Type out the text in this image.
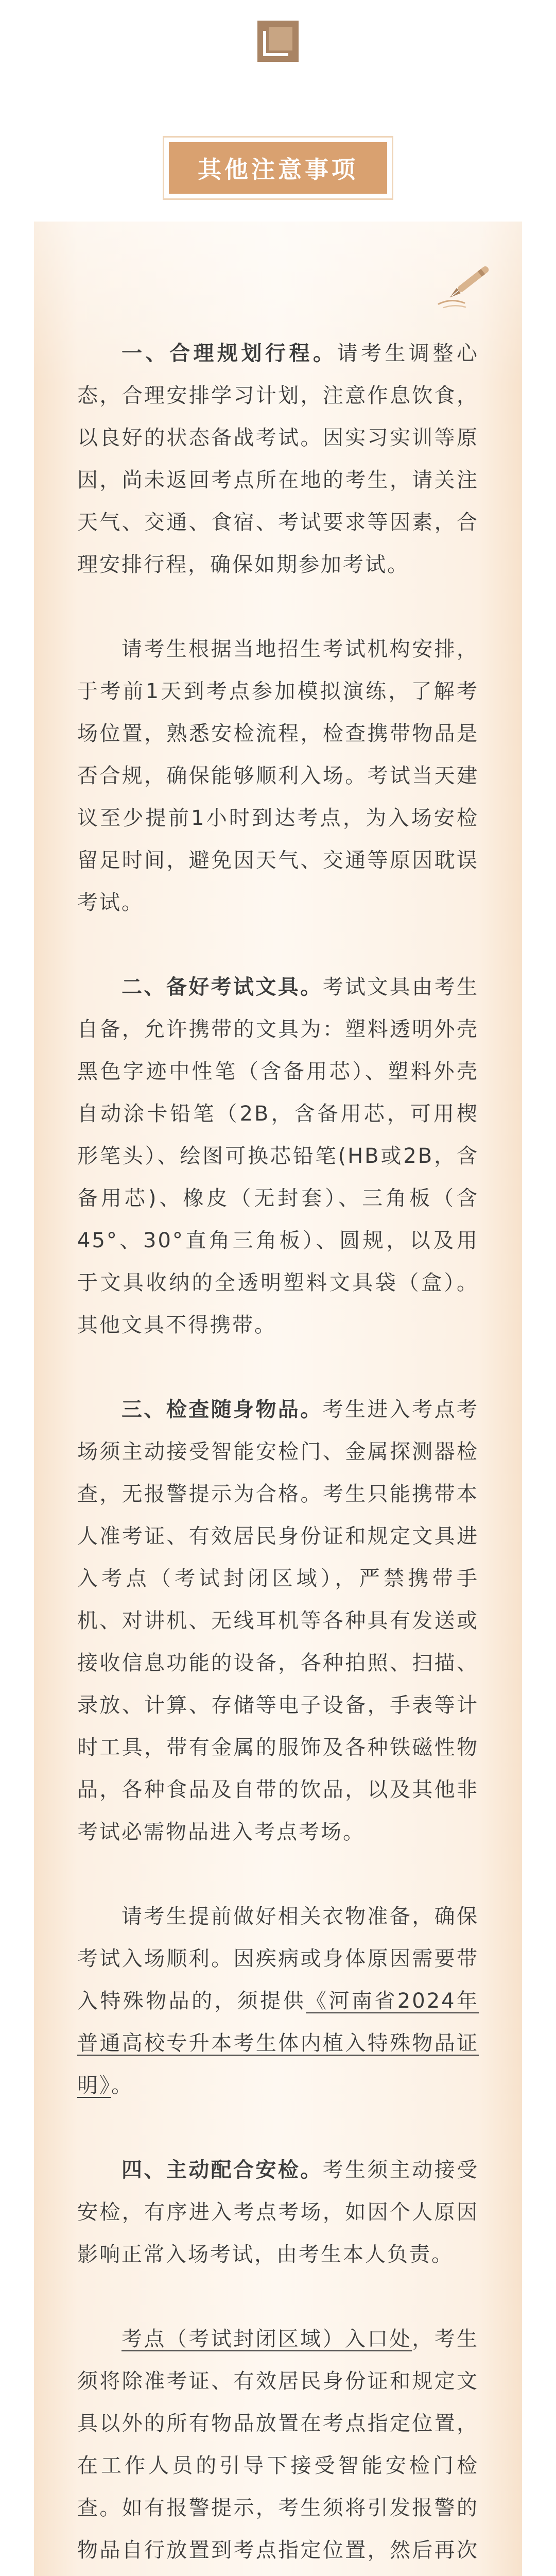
其他注意事项

一、合理规划行程。请考生调整心态，合理安排学习计划，注意作息饮食，以良好的状态备战考试。因实习实训等原因，尚未返回考点所在地的考生，请关注天气、交通、食宿、考试要求等因素，合理安排行程，确保如期参加考试。

请考生根据当地招生考试机构安排，于考前1天到考点参加模拟演练，了解考场位置，熟悉安检流程，检查携带物品是否合规，确保能够顺利入场。考试当天建议至少提前1小时到达考点，为入场安检留足时间，避免因天气、交通等原因耽误考试。

二、备好考试文具。考试文具由考生自备，允许携带的文具为：塑料透明外壳黑色字迹中性笔（含备用芯）、塑料外壳自动涂卡铅笔（2B，含备用芯，可用楔形笔头）、绘图可换芯铅笔(HB或2B，含备用芯)、橡皮（无封套）、三角板（含45°、30°直角三角板）、圆规，以及用于文具收纳的全透明塑料文具袋（盒）。其他文具不得携带。

三、检查随身物品。考生进入考点考场须主动接受智能安检门、金属探测器检查，无报警提示为合格。考生只能携带本人准考证、有效居民身份证和规定文具进入考点（考试封闭区域），严禁携带手机、对讲机、无线耳机等各种具有发送或接收信息功能的设备，各种拍照、扫描、录放、计算、存储等电子设备，手表等计时工具，带有金属的服饰及各种铁磁性物品，各种食品及自带的饮品，以及其他非考试必需物品进入考点考场。

请考生提前做好相关衣物准备，确保考试入场顺利。因疾病或身体原因需要带入特殊物品的，须提供《河南省2024年普通高校专升本考生体内植入特殊物品证明》。

四、主动配合安检。考生须主动接受安检，有序进入考点考场，如因个人原因影响正常入场考试，由考生本人负责。

考点（考试封闭区域）入口处，考生须将除准考证、有效居民身份证和规定文具以外的所有物品放置在考点指定位置，在工作人员的引导下接受智能安检门检查。如有报警提示，考生须将引发报警的物品自行放置到考点指定位置，然后再次
